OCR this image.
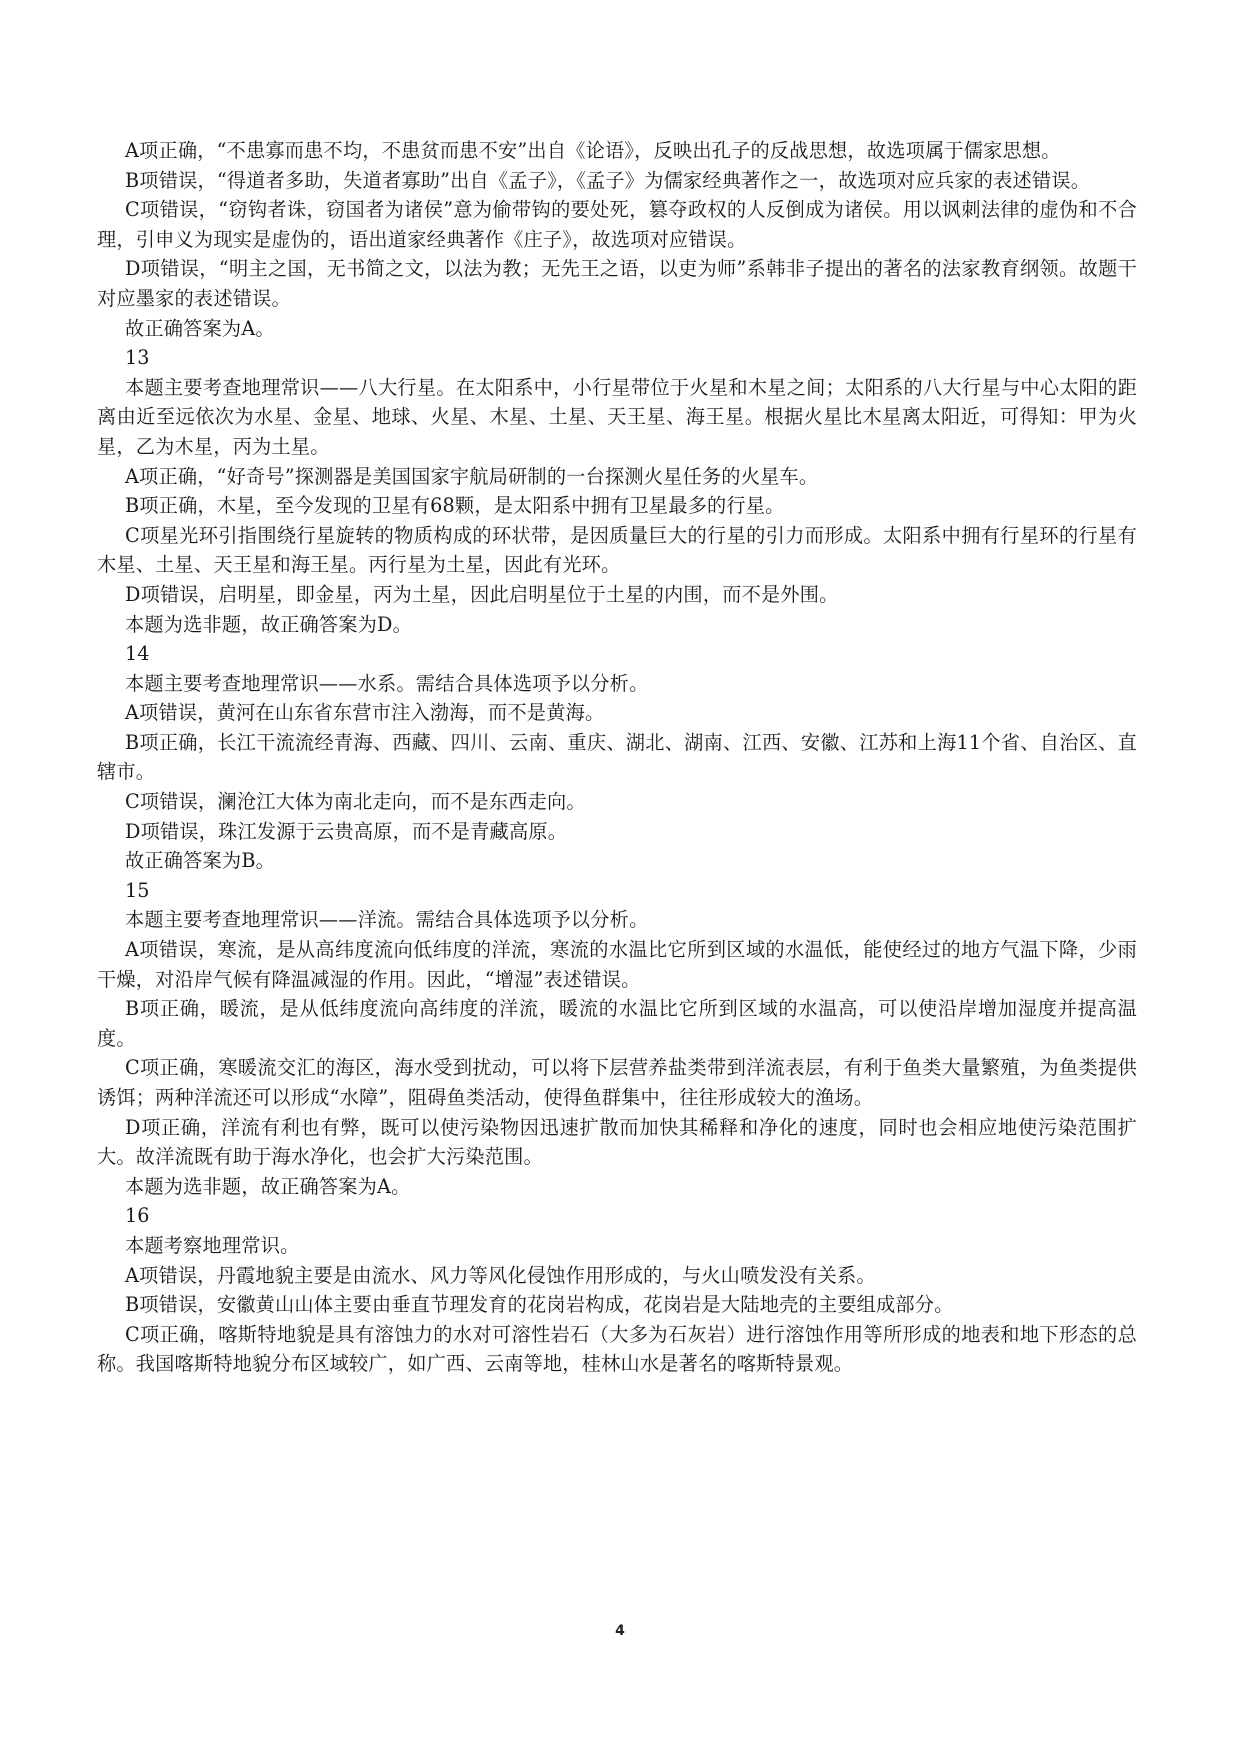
A项正确，“不患寡而患不均，不患贫而患不安”出自《论语》，反映出孔子的反战思想，故选项属于儒家思想。

B项错误，“得道者多助，失道者寡助”出自《孟子》，《孟子》为儒家经典著作之一，故选项对应兵家的表述错误。

C项错误，“窃钩者诛，窃国者为诸侯”意为偷带钩的要处死，篡夺政权的人反倒成为诸侯。用以讽刺法律的虚伪和不合理，引申义为现实是虚伪的，语出道家经典著作《庄子》，故选项对应错误。

D项错误，“明主之国，无书简之文，以法为教；无先王之语，以吏为师”系韩非子提出的著名的法家教育纲领。故题干对应墨家的表述错误。

故正确答案为A。

13

本题主要考查地理常识——八大行星。在太阳系中，小行星带位于火星和木星之间；太阳系的八大行星与中心太阳的距离由近至远依次为水星、金星、地球、火星、木星、土星、天王星、海王星。根据火星比木星离太阳近，可得知：甲为火星，乙为木星，丙为土星。

A项正确，“好奇号”探测器是美国国家宇航局研制的一台探测火星任务的火星车。

B项正确，木星，至今发现的卫星有68颗，是太阳系中拥有卫星最多的行星。

C项星光环引指围绕行星旋转的物质构成的环状带，是因质量巨大的行星的引力而形成。太阳系中拥有行星环的行星有木星、土星、天王星和海王星。丙行星为土星，因此有光环。

D项错误，启明星，即金星，丙为土星，因此启明星位于土星的内围，而不是外围。

本题为选非题，故正确答案为D。

14

本题主要考查地理常识——水系。需结合具体选项予以分析。

A项错误，黄河在山东省东营市注入渤海，而不是黄海。

B项正确，长江干流流经青海、西藏、四川、云南、重庆、湖北、湖南、江西、安徽、江苏和上海11个省、自治区、直辖市。

C项错误，澜沧江大体为南北走向，而不是东西走向。

D项错误，珠江发源于云贵高原，而不是青藏高原。

故正确答案为B。

15

本题主要考查地理常识——洋流。需结合具体选项予以分析。

A项错误，寒流，是从高纬度流向低纬度的洋流，寒流的水温比它所到区域的水温低，能使经过的地方气温下降，少雨干燥，对沿岸气候有降温减湿的作用。因此，“增湿”表述错误。

B项正确，暖流，是从低纬度流向高纬度的洋流，暖流的水温比它所到区域的水温高，可以使沿岸增加湿度并提高温度。

C项正确，寒暖流交汇的海区，海水受到扰动，可以将下层营养盐类带到洋流表层，有利于鱼类大量繁殖，为鱼类提供诱饵；两种洋流还可以形成“水障”，阻碍鱼类活动，使得鱼群集中，往往形成较大的渔场。

D项正确，洋流有利也有弊，既可以使污染物因迅速扩散而加快其稀释和净化的速度，同时也会相应地使污染范围扩大。故洋流既有助于海水净化，也会扩大污染范围。

本题为选非题，故正确答案为A。

16

本题考察地理常识。

A项错误，丹霞地貌主要是由流水、风力等风化侵蚀作用形成的，与火山喷发没有关系。

B项错误，安徽黄山山体主要由垂直节理发育的花岗岩构成，花岗岩是大陆地壳的主要组成部分。

C项正确，喀斯特地貌是具有溶蚀力的水对可溶性岩石（大多为石灰岩）进行溶蚀作用等所形成的地表和地下形态的总称。我国喀斯特地貌分布区域较广，如广西、云南等地，桂林山水是著名的喀斯特景观。

4
